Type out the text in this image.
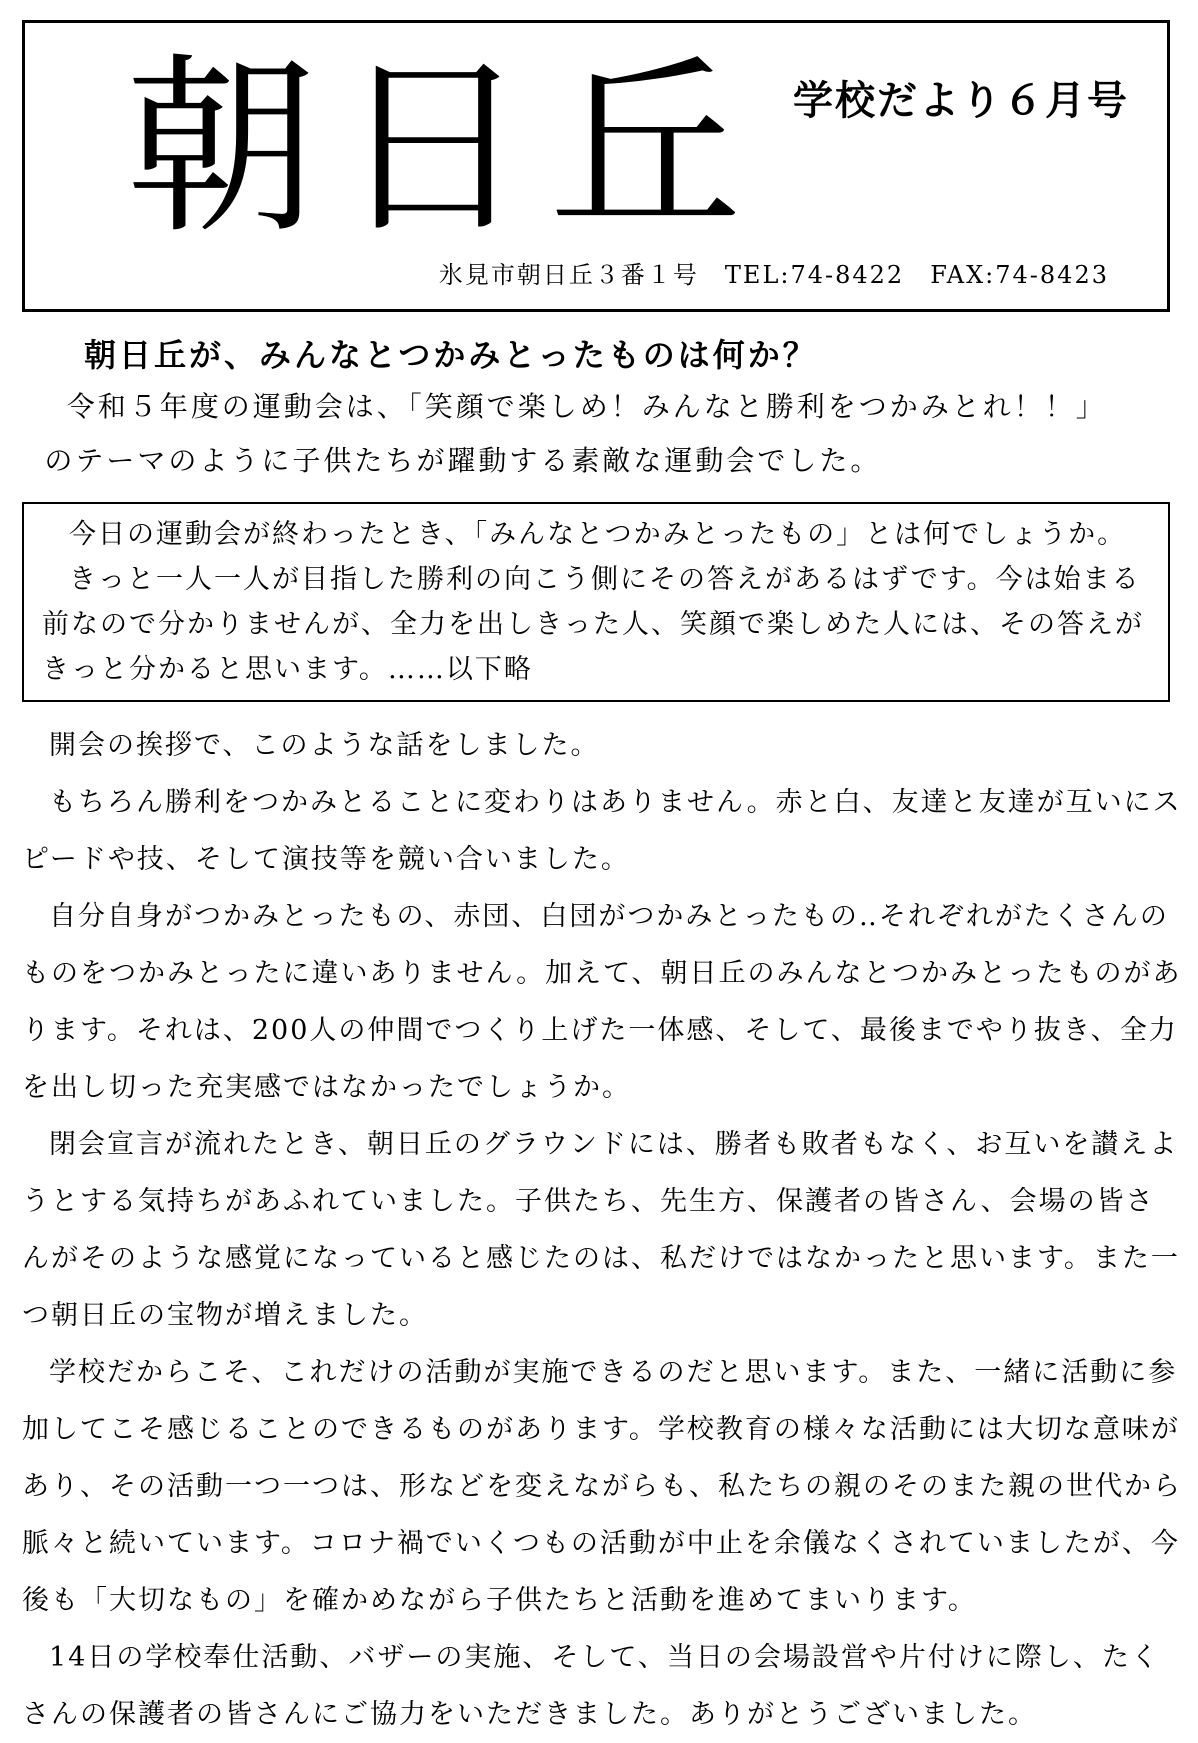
朝日丘 学校だより６月号
氷見市朝日丘３番１号　TEL:74-8422　FAX:74-8423
朝日丘が、みんなとつかみとったものは何か？

令和５年度の運動会は、「笑顔で楽しめ！みんなと勝利をつかみとれ！！」

のテーマのように子供たちが躍動する素敵な運動会でした。

今日の運動会が終わったとき、「みんなとつかみとったもの」とは何でしょうか。

きっと一人一人が目指した勝利の向こう側にその答えがあるはずです。今は始まる前なので分かりませんが、全力を出しきった人、笑顔で楽しめた人には、その答えがきっと分かると思います。……以下略

開会の挨拶で、このような話をしました。

もちろん勝利をつかみとることに変わりはありません。赤と白、友達と友達が互いにスピードや技、そして演技等を競い合いました。

自分自身がつかみとったもの、赤団、白団がつかみとったもの‥それぞれがたくさんのものをつかみとったに違いありません。加えて、朝日丘のみんなとつかみとったものがあります。それは、200人の仲間でつくり上げた一体感、そして、最後までやり抜き、全力を出し切った充実感ではなかったでしょうか。

閉会宣言が流れたとき、朝日丘のグラウンドには、勝者も敗者もなく、お互いを讃えようとする気持ちがあふれていました。子供たち、先生方、保護者の皆さん、会場の皆さんがそのような感覚になっていると感じたのは、私だけではなかったと思います。また一つ朝日丘の宝物が増えました。

学校だからこそ、これだけの活動が実施できるのだと思います。また、一緒に活動に参加してこそ感じることのできるものがあります。学校教育の様々な活動には大切な意味があり、その活動一つ一つは、形などを変えながらも、私たちの親のそのまた親の世代から脈々と続いています。コロナ禍でいくつもの活動が中止を余儀なくされていましたが、今後も「大切なもの」を確かめながら子供たちと活動を進めてまいります。

14日の学校奉仕活動、バザーの実施、そして、当日の会場設営や片付けに際し、たくさんの保護者の皆さんにご協力をいただきました。ありがとうございました。
